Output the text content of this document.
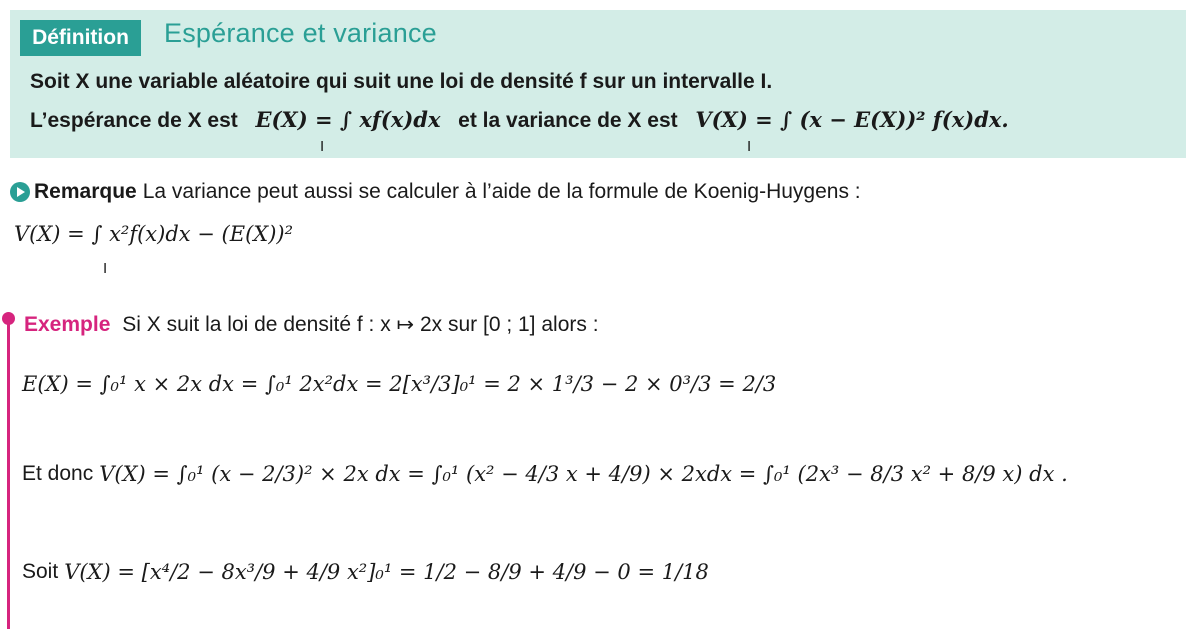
Définition	Espérance et variance
Soit X une variable aléatoire qui suit une loi de densité f sur un intervalle I.
L’espérance de X est E(X) = ∫ xf(x)dx et la variance de X est V(X) = ∫ (x − E(X))² f(x)dx.
I	I
Remarque La variance peut aussi se calculer à l’aide de la formule de Koenig-Huygens :
V(X) = ∫ x²f(x)dx − (E(X))²
I
Exemple Si X suit la loi de densité f : x ↦ 2x sur [0 ; 1] alors :
E(X) = ∫₀¹ x × 2x dx = ∫₀¹ 2x²dx = 2[x³/3]₀¹ = 2 × 1³/3 − 2 × 0³/3 = 2/3
Et donc V(X) = ∫₀¹ (x − 2/3)² × 2x dx = ∫₀¹ (x² − 4/3 x + 4/9) × 2xdx = ∫₀¹ (2x³ − 8/3 x² + 8/9 x) dx .
Soit V(X) = [x⁴/2 − 8x³/9 + 4/9 x²]₀¹ = 1/2 − 8/9 + 4/9 − 0 = 1/18
